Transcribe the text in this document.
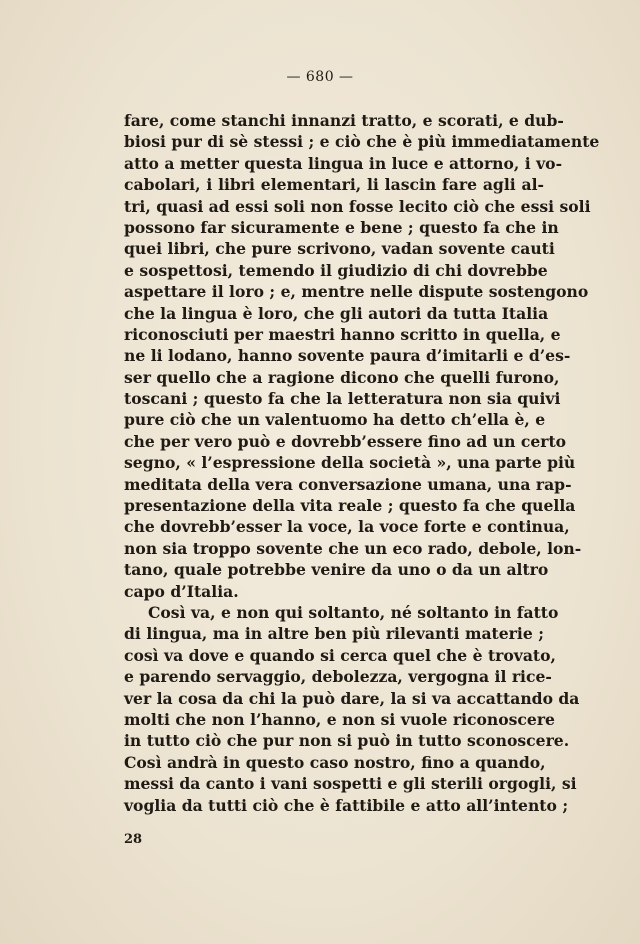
— 680 —
fare, come stanchi innanzi tratto, e scorati, e dub-
biosi pur di sè stessi ; e ciò che è più immediatamente
atto a metter questa lingua in luce e attorno, i vo-
cabolari, i libri elementari, li lascin fare agli al-
tri, quasi ad essi soli non fosse lecito ciò che essi soli
possono far sicuramente e bene ; questo fa che in
quei libri, che pure scrivono, vadan sovente cauti
e sospettosi, temendo il giudizio di chi dovrebbe
aspettare il loro ; e, mentre nelle dispute sostengono
che la lingua è loro, che gli autori da tutta Italia
riconosciuti per maestri hanno scritto in quella, e
ne li lodano, hanno sovente paura d’imitarli e d’es-
ser quello che a ragione dicono che quelli furono,
toscani ; questo fa che la letteratura non sia quivi
pure ciò che un valentuomo ha detto ch’ella è, e
che per vero può e dovrebb’essere fino ad un certo
segno, « l’espressione della società », una parte più
meditata della vera conversazione umana, una rap-
presentazione della vita reale ; questo fa che quella
che dovrebb’esser la voce, la voce forte e continua,
non sia troppo sovente che un eco rado, debole, lon-
tano, quale potrebbe venire da uno o da un altro
capo d’Italia.
Così va, e non qui soltanto, né soltanto in fatto
di lingua, ma in altre ben più rilevanti materie ;
così va dove e quando si cerca quel che è trovato,
e parendo servaggio, debolezza, vergogna il rice-
ver la cosa da chi la può dare, la si va accattando da
molti che non l’hanno, e non si vuole riconoscere
in tutto ciò che pur non si può in tutto sconoscere.
Così andrà in questo caso nostro, fino a quando,
messi da canto i vani sospetti e gli sterili orgogli, si
voglia da tutti ciò che è fattibile e atto all’intento ;
28
